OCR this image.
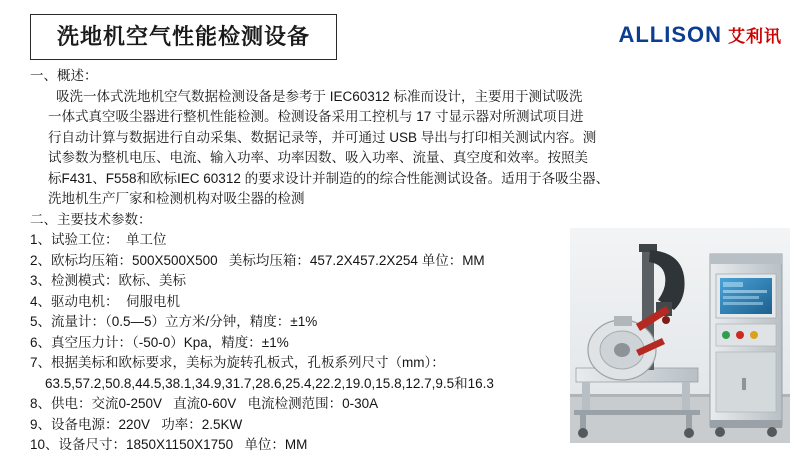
洗地机空气性能检测设备	ALLISON 艾利讯

一、概述：

吸洗一体式洗地机空气数据检测设备是参考于 IEC60312 标准而设计，主要用于测试吸洗

一体式真空吸尘器进行整机性能检测。检测设备采用工控机与 17 寸显示器对所测试项目进

行自动计算与数据进行自动采集、数据记录等，并可通过 USB 导出与打印相关测试内容。测

试参数为整机电压、电流、输入功率、功率因数、吸入功率、流量、真空度和效率。按照美

标F431、F558和欧标IEC 60312 的要求设计并制造的的综合性能测试设备。适用于各吸尘器、

洗地机生产厂家和检测机构对吸尘器的检测

二、主要技术参数：

1、试验工位：  单工位

2、欧标均压箱：500X500X500   美标均压箱：457.2X457.2X254 单位：MM

3、检测模式：欧标、美标

4、驱动电机：  伺服电机

5、流量计：（0.5—5）立方米/分钟，精度：±1%

6、真空压力计：（-50-0）Kpa，精度：±1%

7、根据美标和欧标要求，美标为旋转孔板式，孔板系列尺寸（mm）：

63.5,57.2,50.8,44.5,38.1,34.9,31.7,28.6,25.4,22.2,19.0,15.8,12.7,9.5和16.3

8、供电：交流0-250V   直流0-60V   电流检测范围：0-30A

9、设备电源：220V   功率：2.5KW

10、设备尺寸：1850X1150X1750   单位：MM
